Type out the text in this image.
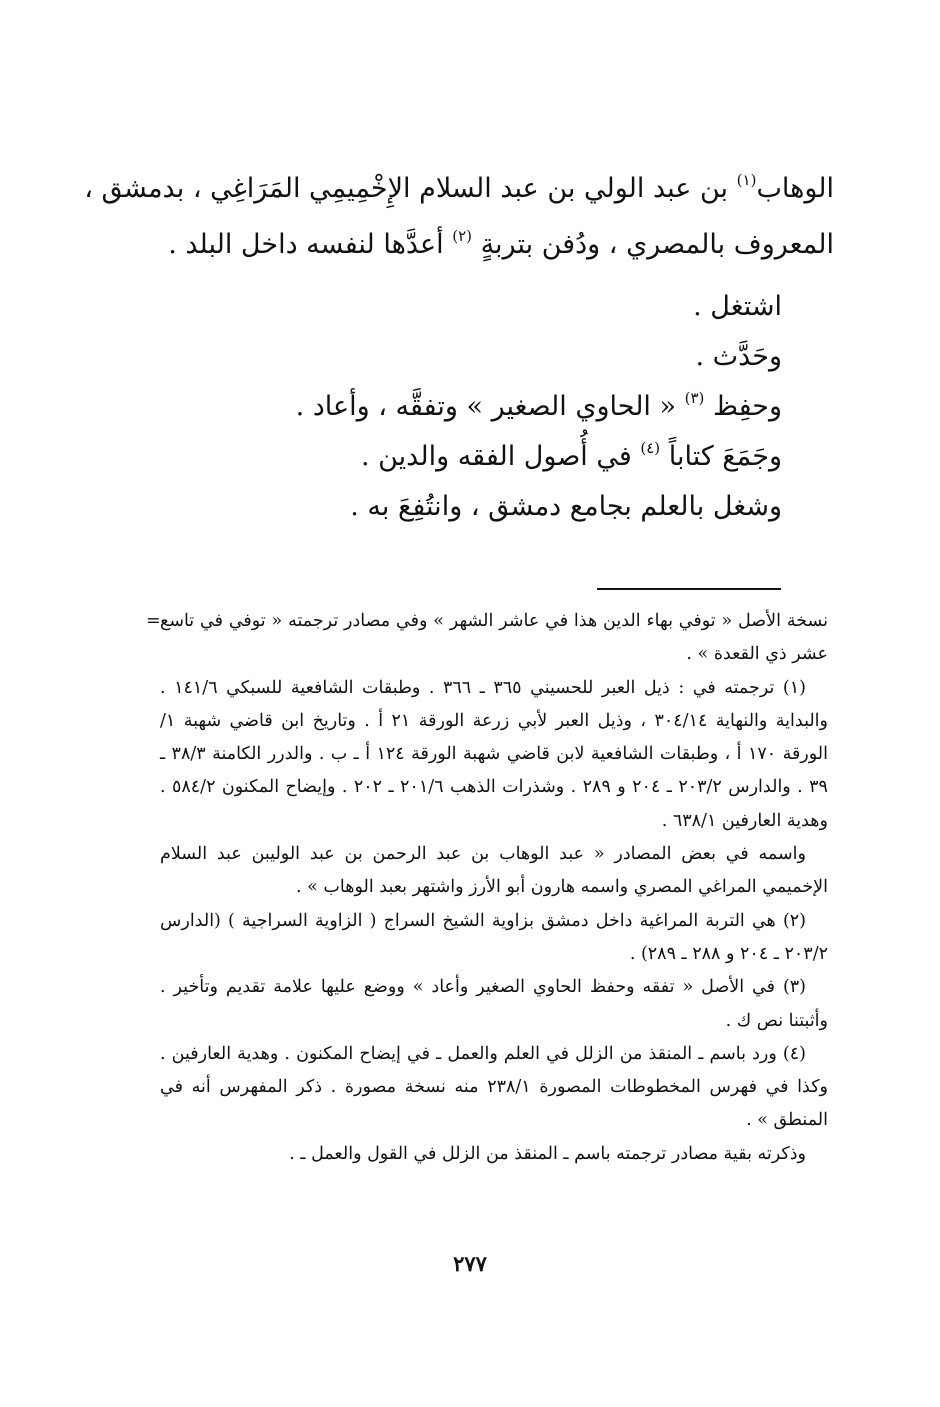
الوهاب$^{(١)}$ بن عبد الولي بن عبد السلام الإِخْمِيمِي المَرَاغِي ، بدمشق ،
المعروف بالمصري ، ودُفن بتربةٍ $^{(٢)}$ أعدَّها لنفسه داخل البلد .
اشتغل .
وحَدَّث .
وحفِظ $^{(٣)}$ « الحاوي الصغير » وتفقَّه ، وأعاد .
وجَمَعَ كتاباً $^{(٤)}$ في أُصول الفقه والدين .
وشغل بالعلم بجامع دمشق ، وانتُفِعَ به .

نسخة الأصل « توفي بهاء الدين هذا في عاشر الشهر » وفي مصادر ترجمته « توفي في تاسع عشر ذي القعدة » .
=

(١) ترجمته في : ذيل العبر للحسيني ٣٦٥ ـ ٣٦٦ . وطبقات الشافعية للسبكي ١٤١/٦ . والبداية والنهاية ٣٠٤/١٤ ، وذيل العبر لأبي زرعة الورقة ٢١ أ . وتاريخ ابن قاضي شهبة ١/ الورقة ١٧٠ أ ، وطبقات الشافعية لابن قاضي شهبة الورقة ١٢٤ أ ـ ب . والدرر الكامنة ٣٨/٣ ـ ٣٩ . والدارس ٢٠٣/٢ ـ ٢٠٤ و ٢٨٩ . وشذرات الذهب ٢٠١/٦ ـ ٢٠٢ . وإيضاح المكنون ٥٨٤/٢ . وهدية العارفين ٦٣٨/١ .

واسمه في بعض المصادر « عبد الوهاب بن عبد الرحمن بن عبد الوليبن عبد السلام الإخميمي المراغي المصري واسمه هارون أبو الأرز واشتهر بعبد الوهاب » .

(٢) هي التربة المراغية داخل دمشق بزاوية الشيخ السراج ( الزاوية السراجية ) (الدارس ٢٠٣/٢ ـ ٢٠٤ و ٢٨٨ ـ ٢٨٩) .

(٣) في الأصل « تفقه وحفظ الحاوي الصغير وأعاد » ووضع عليها علامة تقديم وتأخير . وأثبتنا نص ك .

(٤) ورد باسم ـ المنقذ من الزلل في العلم والعمل ـ في إيضاح المكنون . وهدية العارفين . وكذا في فهرس المخطوطات المصورة ٢٣٨/١ منه نسخة مصورة . ذكر المفهرس أنه في المنطق » .

وذكرته بقية مصادر ترجمته باسم ـ المنقذ من الزلل في القول والعمل ـ .

٢٧٧
